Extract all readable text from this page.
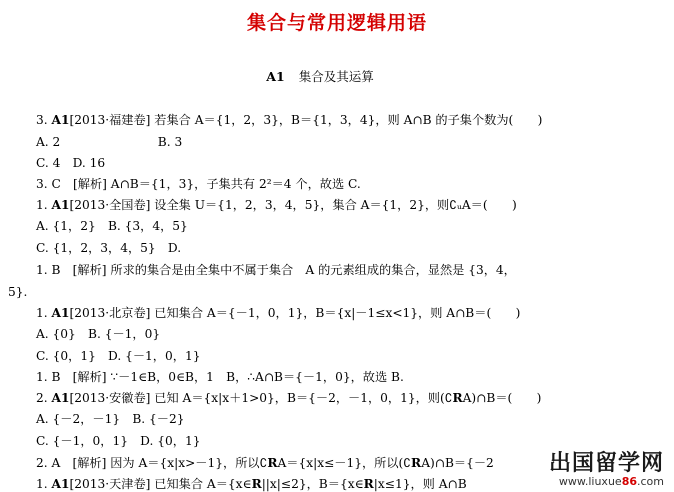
集合与常用逻辑用语
A1 集合及其运算
3. A1[2013·福建卷] 若集合 A＝{1，2，3}，B＝{1，3，4}，则 A∩B 的子集个数为(　　)
A. 2　　　　　　　　B. 3
C. 4　D. 16
3. C　[解析] A∩B＝{1，3}，子集共有 2²＝4 个，故选 C.
1. A1[2013·全国卷] 设全集 U＝{1，2，3，4，5}，集合 A＝{1，2}，则∁ᵤA＝(　　)
A. {1，2}　B. {3，4，5}
C. {1，2，3，4，5}　D.
1. B　[解析] 所求的集合是由全集中不属于集合　A 的元素组成的集合，显然是 {3，4，
5}.
1. A1[2013·北京卷] 已知集合 A＝{－1，0，1}，B＝{x|－1≤x<1}，则 A∩B＝(　　)
A. {0}　B. {－1，0}
C. {0，1}　D. {－1，0，1}
1. B　[解析] ∵－1∈B，0∈B，1　B，∴A∩B＝{－1，0}，故选 B.
2. A1[2013·安徽卷] 已知 A＝{x|x＋1>0}，B＝{－2，－1，0，1}，则(∁RA)∩B＝(　　)
A. {－2，－1}　B. {－2}
C. {－1，0，1}　D. {0，1}
2. A　[解析] 因为 A＝{x|x>－1}，所以∁RA＝{x|x≤－1}，所以(∁RA)∩B＝{－2
1. A1[2013·天津卷] 已知集合 A＝{x∈R||x|≤2}，B＝{x∈R|x≤1}，则 A∩B
出国留学网
www.liuxue86.com
